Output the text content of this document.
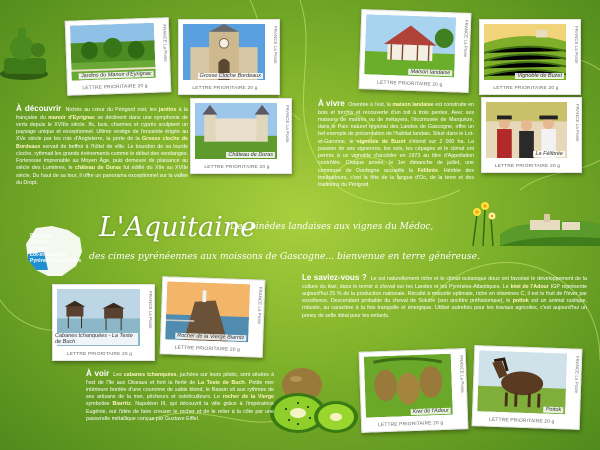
Jardins du Manoir d'Eyrignac
FRANCE La Poste
LETTRE PRIORITAIRE 20 g
Grosse Cloche Bordeaux
FRANCE La Poste
LETTRE PRIORITAIRE 20 g
Château de Duras
FRANCE La Poste
LETTRE PRIORITAIRE 20 g
Maison landaise
FRANCE La Poste
LETTRE PRIORITAIRE 20 g
Vignoble de Buzet
FRANCE La Poste
LETTRE PRIORITAIRE 20 g
La Félibrée
FRANCE La Poste
LETTRE PRIORITAIRE 20 g
Cabanes tchanquées - La Teste de Buch
FRANCE La Poste
LETTRE PRIORITAIRE 20 g
Rocher de la Vierge Biarritz
FRANCE La Poste
LETTRE PRIORITAIRE 20 g
Kiwi de l'Adour
FRANCE La Poste
LETTRE PRIORITAIRE 20 g
Pottok
FRANCE La Poste
LETTRE PRIORITAIRE 20 g
À découvrir Nichés au cœur du Périgord noir, les jardins à la française du manoir d'Eyrignac se déclinent dans une symphonie de verts depuis le XVIIIe siècle. Ifs, buis, charmes et cyprès sculptent un paysage unique et exceptionnel. Ultime vestige de l'enceinte érigée au XVe siècle par les rois d'Angleterre, la porte de la Grosse cloche de Bordeaux servait de beffroi à l'hôtel de ville. Le bourdon de sa lourde cloche, rythmait les grands événements comme le début des vendanges. Forteresse imprenable au Moyen Âge, puis demeure de plaisance au siècle des Lumières, le château de Duras fut édifié du XIIe au XVIIe siècle. Du haut de sa tour, il offre un panorama exceptionnel sur la vallée du Dropt.
À vivre Orientée à l'est, la maison landaise est construite en bois et torchis et recouverte d'un toit à trois pentes. Avec ses maisons de maîtres ou de métayers, l'écomusée de Marquèze, dans le Parc naturel régional des Landes de Gascogne, offre un bel exemple de préservation de l'habitat landais. Situé dans le Lot-et-Garonne, le vignoble de Buzet s'étend sur 2 000 ha. La passion de ses vignerons, les sols, les cépages et le climat ont permis à ce vignoble d'accéder en 1973 au titre d'Appellation contrôlée. Chaque année, le 1er dimanche de juillet, une commune de Dordogne accueille la Félibrée. Héritée des troubadours, c'est la fête de la langue d'Oc, de la terre et des traditions du Périgord.
À voir Les cabanes tchanquées, juchées sur leurs pilotis, sont situées à l'est de l'île aux Oiseaux et font la fierté de La Teste de Buch. Petite mer intérieure bordée d'une couronne de sable blond, le Bassin vit aux rythmes de ses artisans de la mer, pêcheurs et ostréiculteurs. Le rocher de la Vierge symbolise Biarritz. Napoléon III, qui découvrit la ville grâce à l'impératrice Eugénie, eut l'idée de faire creuser le rocher et de le relier à la côte par une passerelle métallique conçue par Gustave Eiffel.
Le saviez-vous ? Le sol naturellement riche et le climat océanique doux ont favorisé le développement de la culture du kiwi, dans le terroir à cheval sur les Landes et les Pyrénées-Atlantiques. Le kiwi de l'Adour IGP représente aujourd'hui 25 % de la production nationale. Récolté à maturité optimale, riche en vitamines C, il est le fruit de l'hiver par excellence. Descendant probable du cheval de Solutré (son ancêtre préhistorique), le pottok est un animal rustique, robuste, au caractère à la fois tranquille et énergique. Utilisé autrefois pour les travaux agricoles, c'est aujourd'hui un poney de selle idéal pour les enfants.
Dordogne
Gironde
Landes
Lot-et-Garonne
Pyrénées-Atlantiques
L'Aquitaine
Des pinèdes landaises aux vignes du Médoc,
des cimes pyrénéennes aux moissons de Gascogne... bienvenue en terre généreuse.
